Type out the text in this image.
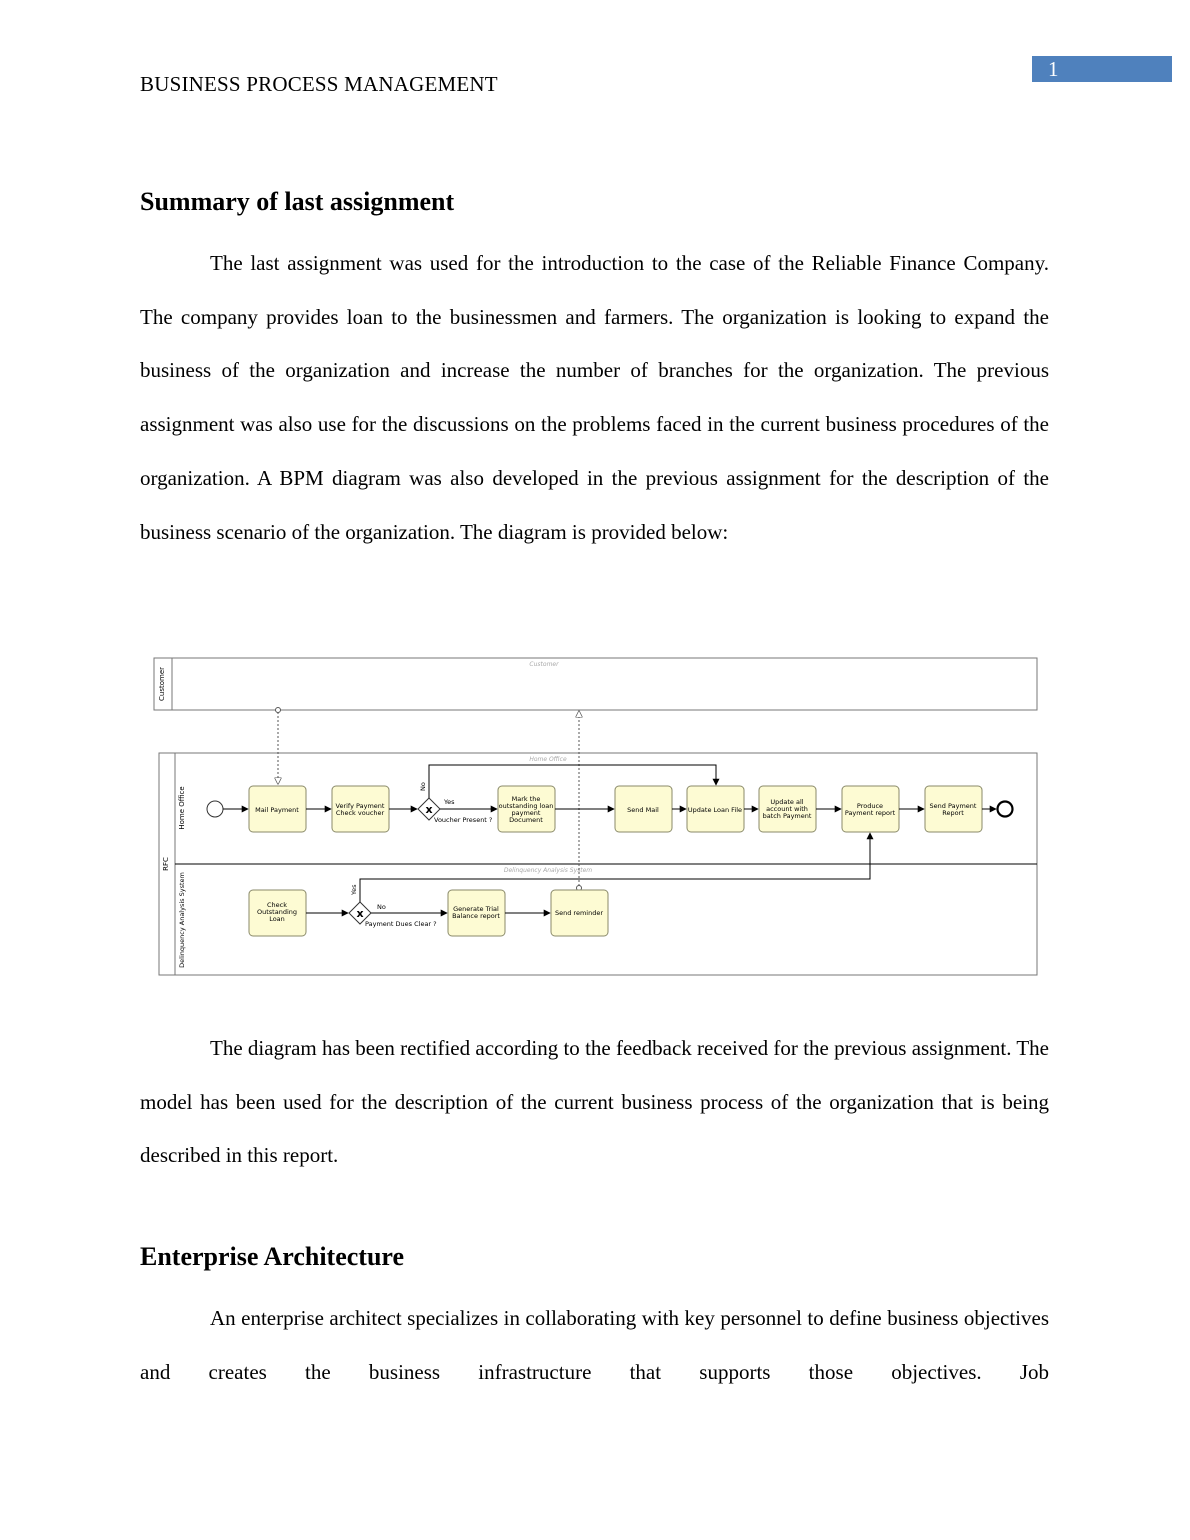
BUSINESS PROCESS MANAGEMENT
1
Summary of last assignment

The last assignment was used for the introduction to the case of the Reliable Finance Company. The company provides loan to the businessmen and farmers. The organization is looking to expand the business of the organization and increase the number of branches for the organization. The previous assignment was also use for the discussions on the problems faced in the current business procedures of the organization. A BPM diagram was also developed in the previous assignment for the description of the business scenario of the organization. The diagram is provided below:

Customer
Customer
RFC
Home Office
Delinquency Analysis System
Home Office
Delinquency Analysis System
Mail Payment	Verify Payment
Check voucher
Mark the
outstanding loan
payment
Document
Send Mail	Update Loan File
Update all
account with
batch Payment
Produce
Payment report
Send Payment
Report
x
Voucher Present ?
Yes
No
Check
Outstanding
Loan
Generate Trial
Balance report	Send reminder
x
Payment Dues Clear ?
No
Yes

The diagram has been rectified according to the feedback received for the previous assignment. The model has been used for the description of the current business process of the organization that is being described in this report.

Enterprise Architecture

An enterprise architect specializes in collaborating with key personnel to define business objectives and creates the business infrastructure that supports those objectives. Job
